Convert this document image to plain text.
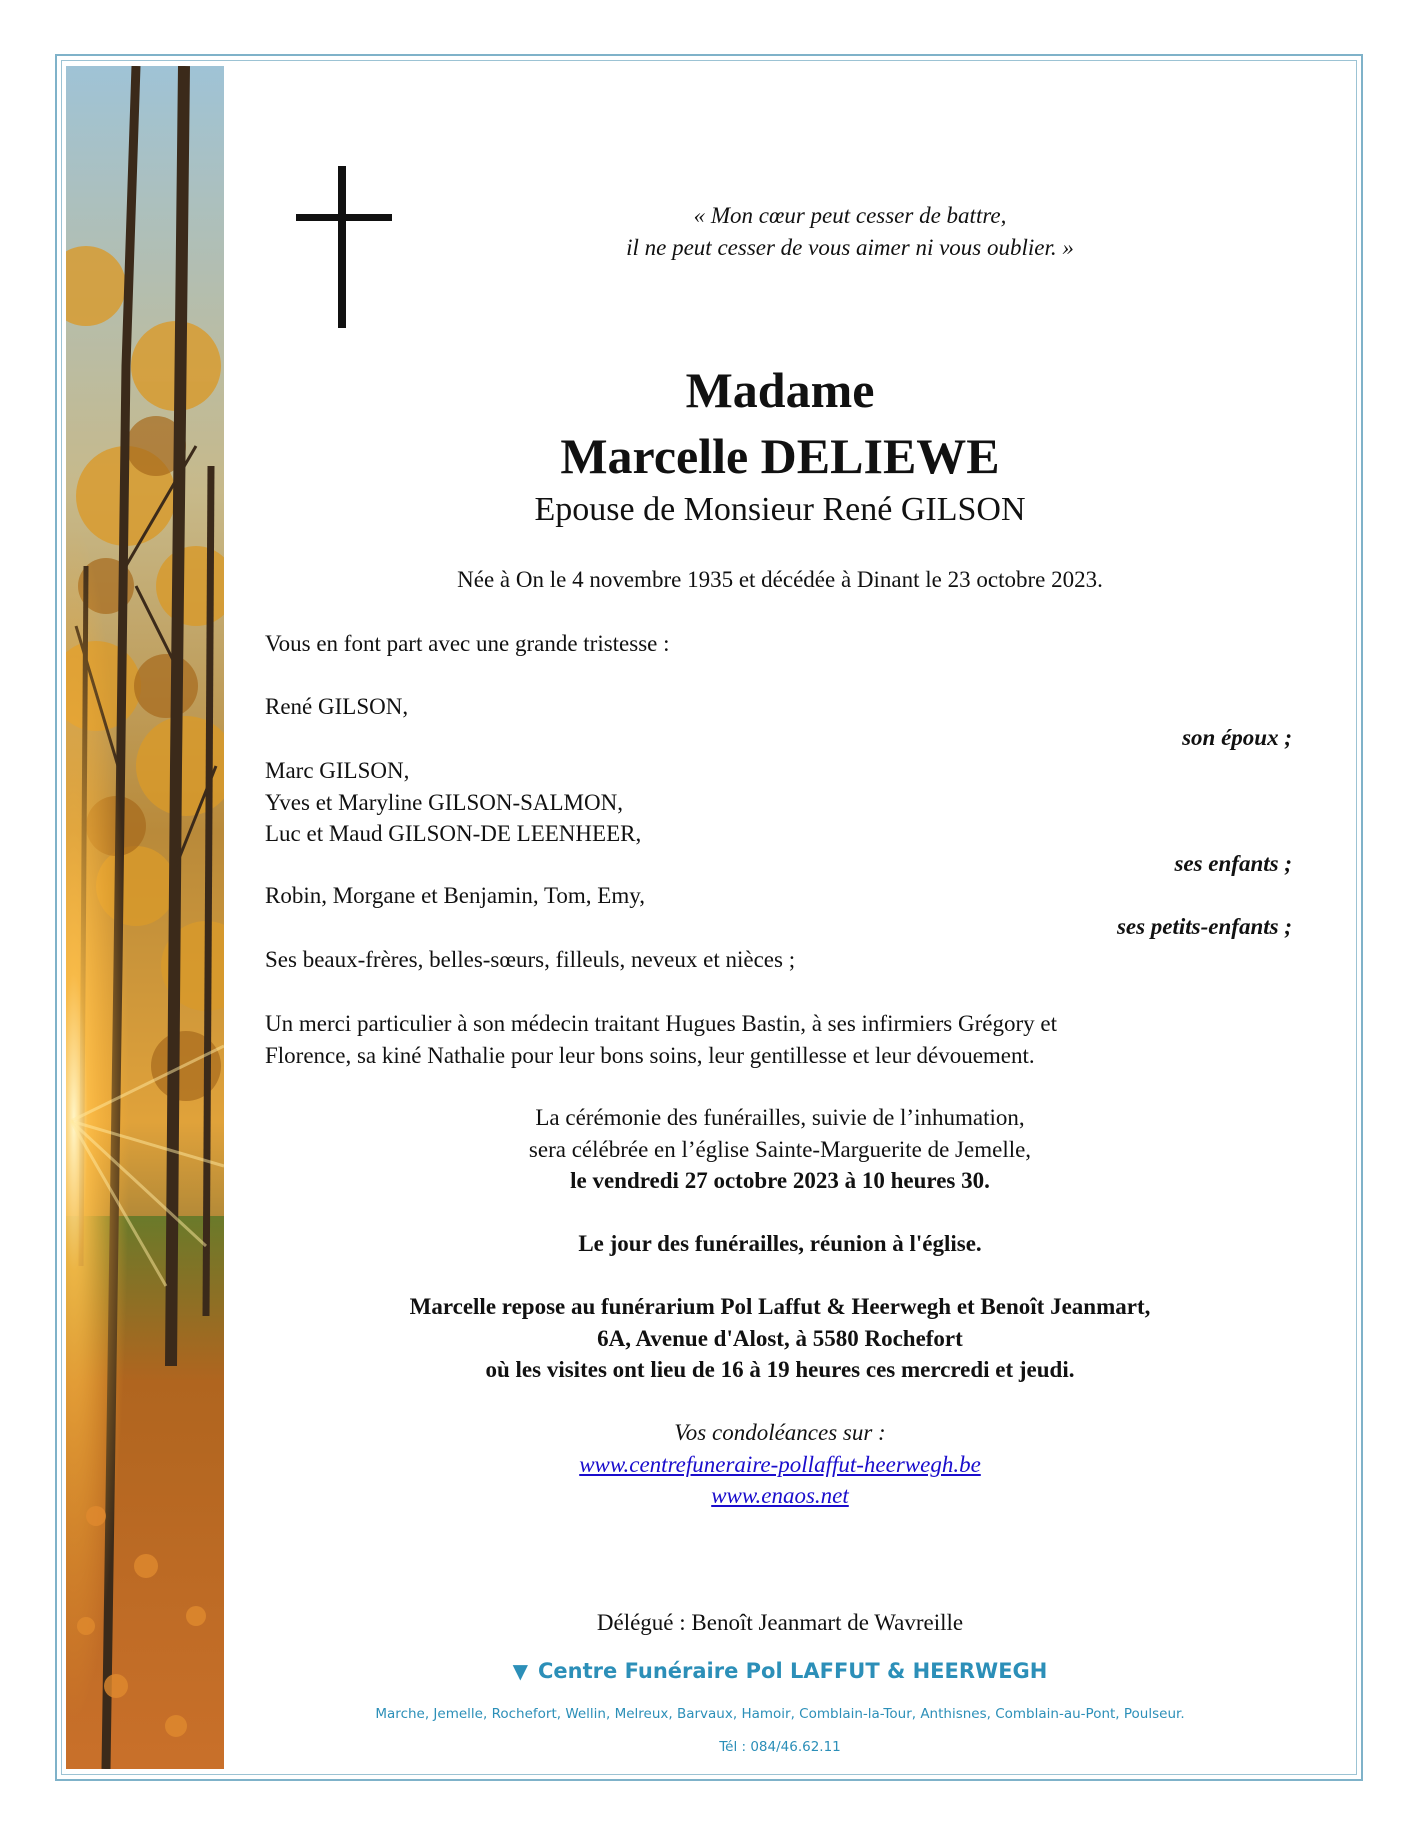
« Mon cœur peut cesser de battre,
il ne peut cesser de vous aimer ni vous oublier. »
Madame
Marcelle DELIEWE
Epouse de Monsieur René GILSON
Née à On le 4 novembre 1935 et décédée à Dinant le 23 octobre 2023.
Vous en font part avec une grande tristesse :
René GILSON,
son époux ;
Marc GILSON,
Yves et Maryline GILSON-SALMON,
Luc et Maud GILSON-DE LEENHEER,
ses enfants ;
Robin, Morgane et Benjamin, Tom, Emy,
ses petits-enfants ;
Ses beaux-frères, belles-sœurs, filleuls, neveux et nièces ;
Un merci particulier à son médecin traitant Hugues Bastin, à ses infirmiers Grégory et
Florence, sa kiné Nathalie pour leur bons soins, leur gentillesse et leur dévouement.
La cérémonie des funérailles, suivie de l’inhumation,
sera célébrée en l’église Sainte-Marguerite de Jemelle,
le vendredi 27 octobre 2023 à 10 heures 30.
Le jour des funérailles, réunion à l'église.
Marcelle repose au funérarium Pol Laffut & Heerwegh et Benoît Jeanmart,
6A, Avenue d'Alost, à 5580 Rochefort
où les visites ont lieu de 16 à 19 heures ces mercredi et jeudi.
Vos condoléances sur :
www.centrefuneraire-pollaffut-heerwegh.be
www.enaos.net
Délégué : Benoît Jeanmart de Wavreille
▼ Centre Funéraire Pol LAFFUT & HEERWEGH
Marche, Jemelle, Rochefort, Wellin, Melreux, Barvaux, Hamoir, Comblain-la-Tour, Anthisnes, Comblain-au-Pont, Poulseur.
Tél : 084/46.62.11
